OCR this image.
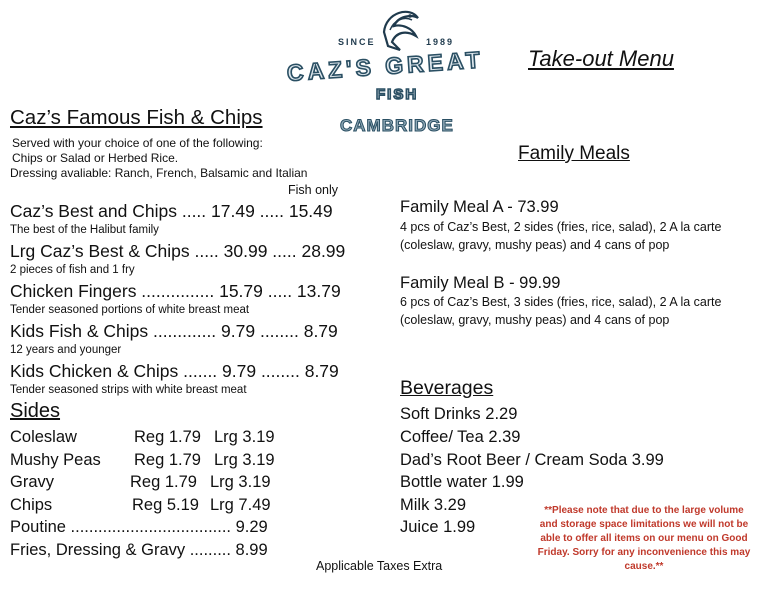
SINCE	1989
CAZ'S GREAT
FISH
CAMBRIDGE
Take-out Menu
Caz’s Famous Fish & Chips
Served with your choice of one of the following:
Chips or Salad or Herbed Rice.
Dressing avaliable: Ranch, French, Balsamic and Italian
Fish only
Caz’s Best and Chips ..... 17.49 ..... 15.49
The best of the Halibut family
Lrg Caz’s Best & Chips ..... 30.99 ..... 28.99
2 pieces of fish and 1 fry
Chicken Fingers ............... 15.79 ..... 13.79
Tender seasoned portions of white breast meat
Kids Fish & Chips ............. 9.79 ........ 8.79
12 years and younger
Kids Chicken & Chips ....... 9.79 ........ 8.79
Tender seasoned strips with white breast meat
Sides
Coleslaw	Reg 1.79 Lrg 3.19
Mushy Peas Reg 1.79 Lrg 3.19
Gravy	Reg 1.79 Lrg 3.19
Chips	Reg 5.19 Lrg 7.49
Poutine ................................... 9.29
Fries, Dressing & Gravy ......... 8.99
Family Meals
Family Meal A - 73.99
4 pcs of Caz’s Best, 2 sides (fries, rice, salad), 2 A la carte
(coleslaw, gravy, mushy peas) and 4 cans of pop
Family Meal B - 99.99
6 pcs of Caz’s Best, 3 sides (fries, rice, salad), 2 A la carte
(coleslaw, gravy, mushy peas) and 4 cans of pop
Beverages
Soft Drinks 2.29
Coffee/ Tea 2.39
Dad’s Root Beer / Cream Soda 3.99
Bottle water 1.99
Milk 3.29
Juice 1.99
**Please note that due to the large volume and storage space limitations we will not be able to offer all items on our menu on Good Friday. Sorry for any inconvenience this may cause.**
Applicable Taxes Extra
